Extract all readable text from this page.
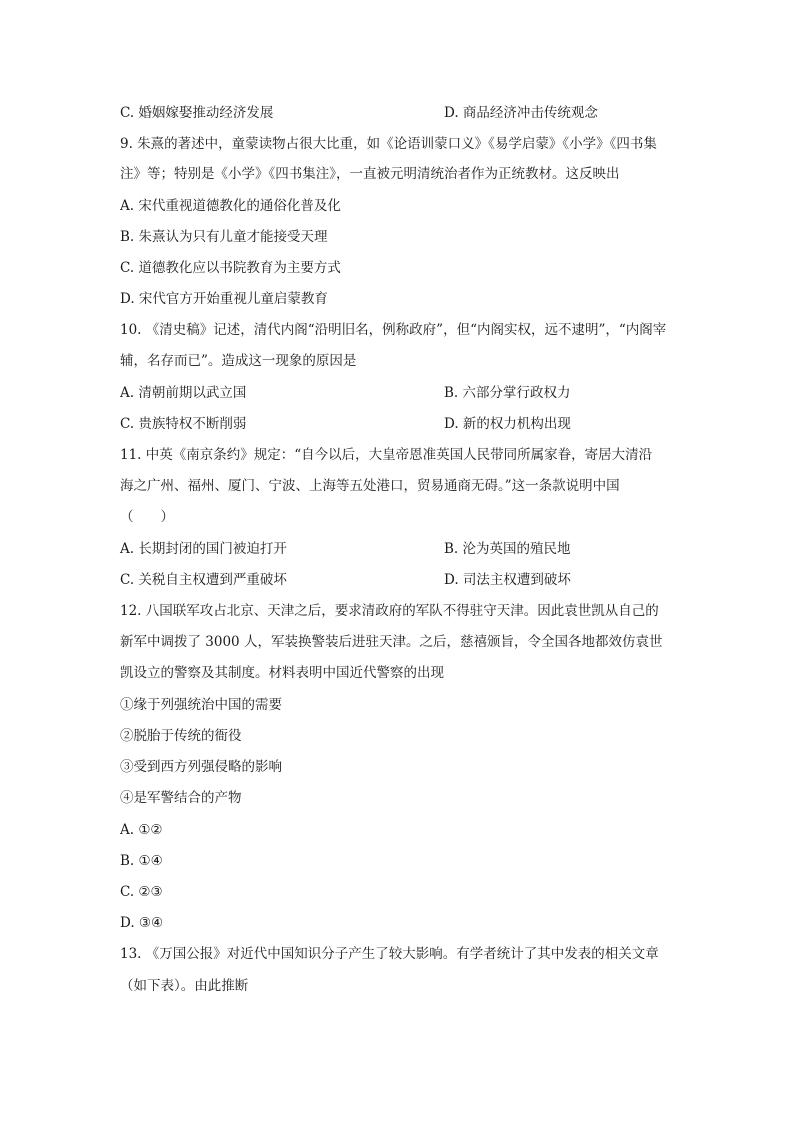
C. 婚姻嫁娶推动经济发展	D. 商品经济冲击传统观念
9. 朱熹的著述中，童蒙读物占很大比重，如《论语训蒙口义》《易学启蒙》《小学》《四书集
注》等；特别是《小学》《四书集注》，一直被元明清统治者作为正统教材。这反映出
A. 宋代重视道德教化的通俗化普及化
B. 朱熹认为只有儿童才能接受天理
C. 道德教化应以书院教育为主要方式
D. 宋代官方开始重视儿童启蒙教育
10. 《清史稿》记述，清代内阁“沿明旧名，例称政府”，但“内阁实权，远不逮明”，“内阁宰
辅，名存而已”。造成这一现象的原因是
A. 清朝前期以武立国	B. 六部分掌行政权力
C. 贵族特权不断削弱	D. 新的权力机构出现
11. 中英《南京条约》规定：“自今以后，大皇帝恩准英国人民带同所属家眷，寄居大清沿
海之广州、福州、厦门、宁波、上海等五处港口，贸易通商无碍。”这一条款说明中国
（　　）
A. 长期封闭的国门被迫打开	B. 沦为英国的殖民地
C. 关税自主权遭到严重破坏	D. 司法主权遭到破坏
12. 八国联军攻占北京、天津之后，要求清政府的军队不得驻守天津。因此袁世凯从自己的
新军中调拨了 3000 人，军装换警装后进驻天津。之后，慈禧颁旨，令全国各地都效仿袁世
凯设立的警察及其制度。材料表明中国近代警察的出现
①缘于列强统治中国的需要
②脱胎于传统的衙役
③受到西方列强侵略的影响
④是军警结合的产物
A. ①②
B. ①④
C. ②③
D. ③④
13. 《万国公报》对近代中国知识分子产生了较大影响。有学者统计了其中发表的相关文章
（如下表）。由此推断
